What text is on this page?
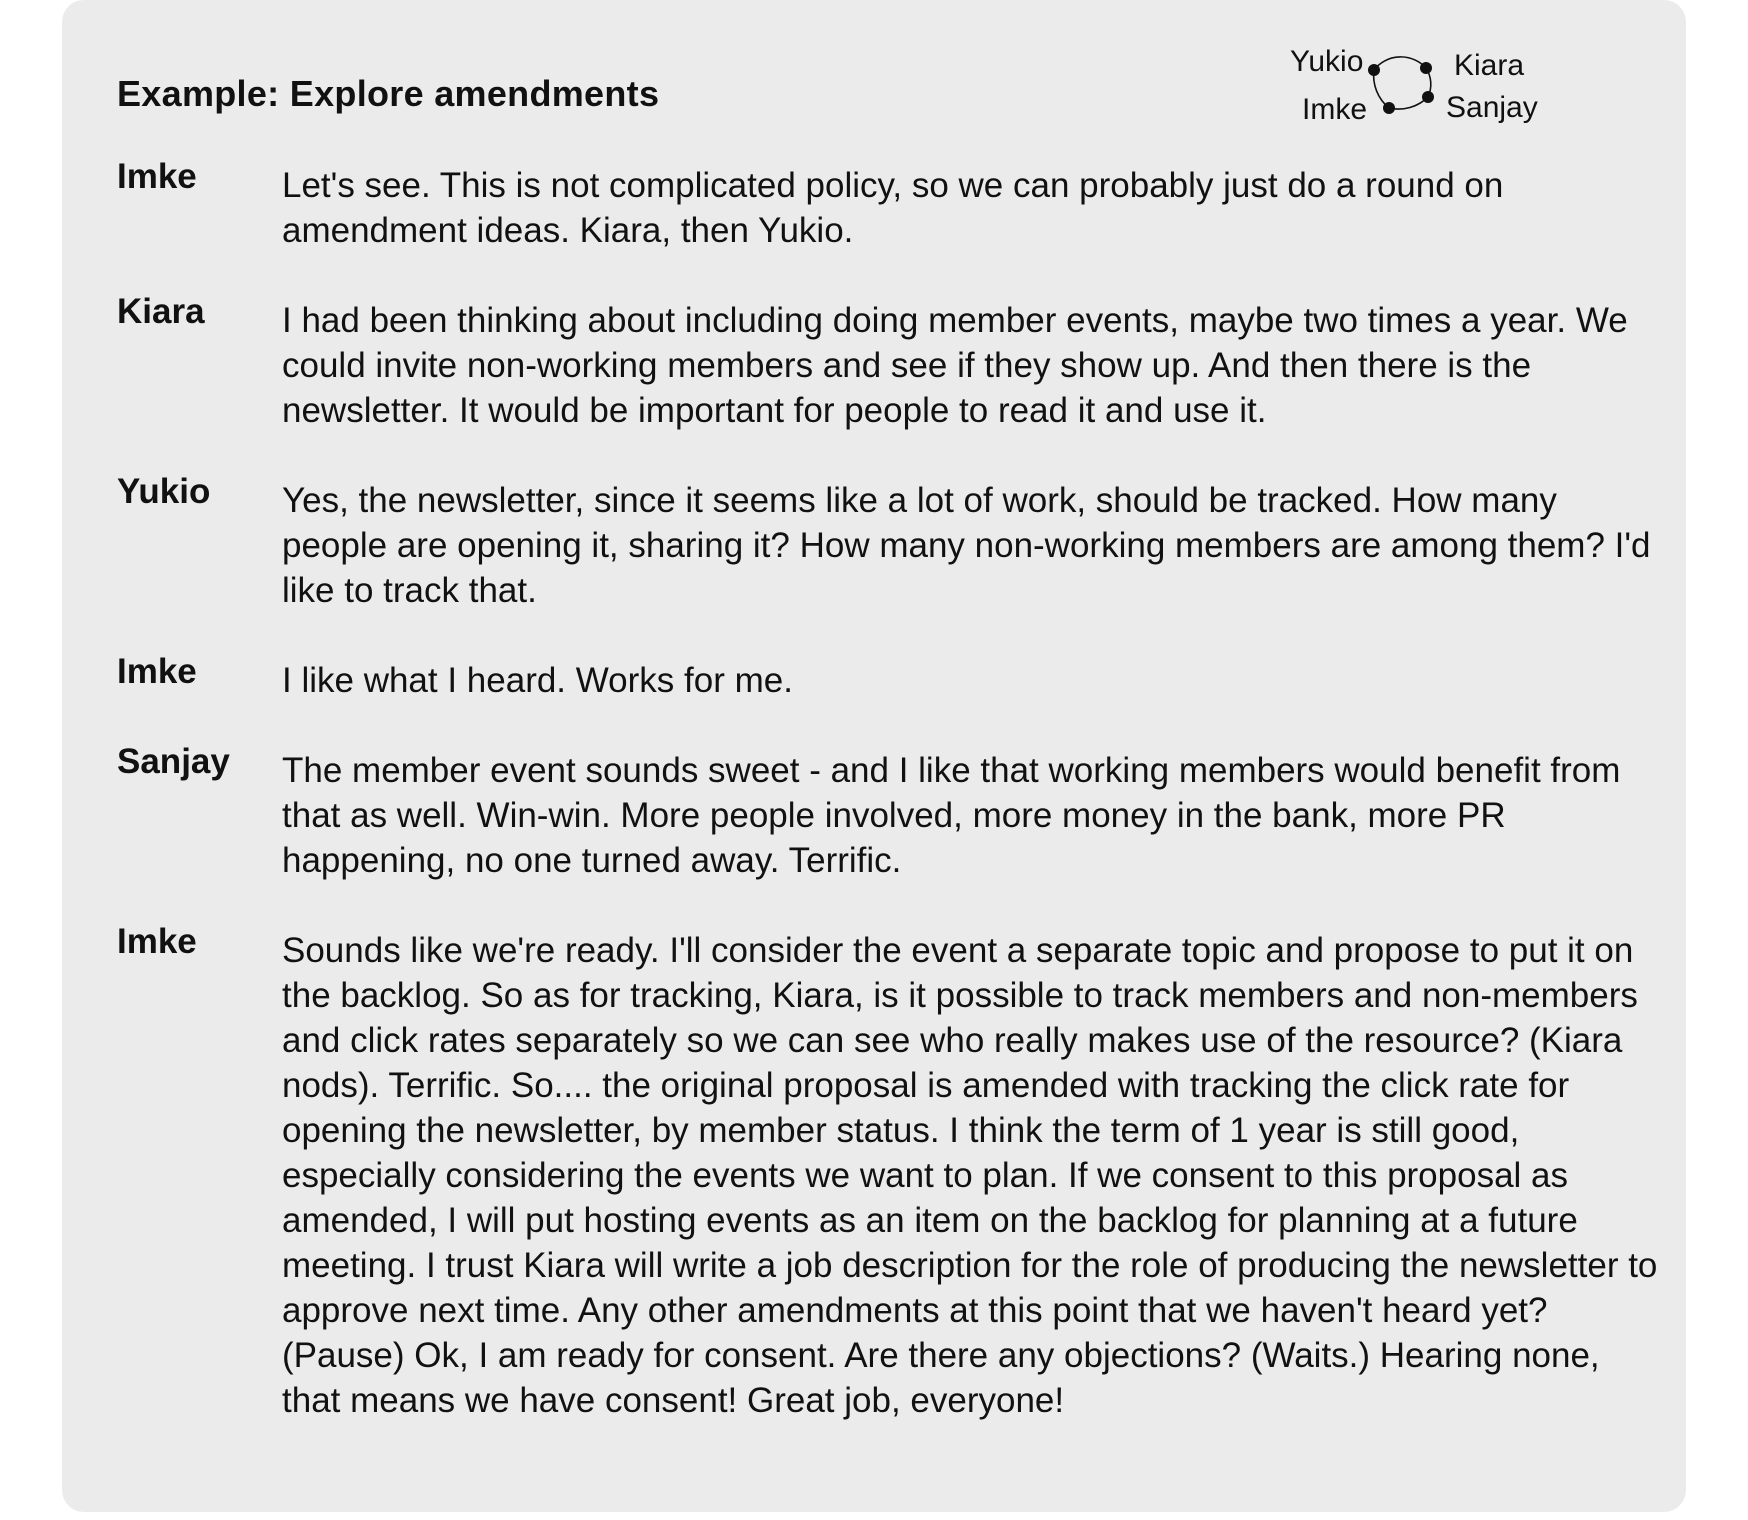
Example: Explore amendments
Yukio	Kiara
Imke	Sanjay
Imke Let's see. This is not complicated policy, so we can probably just do a round on amendment ideas. Kiara, then Yukio.

Kiara I had been thinking about including doing member events, maybe two times a year. We could invite non-working members and see if they show up. And then there is the newsletter. It would be important for people to read it and use it.

Yukio Yes, the newsletter, since it seems like a lot of work, should be tracked. How many people are opening it, sharing it? How many non-working members are among them? I'd like to track that.

Imke I like what I heard. Works for me.

Sanjay The member event sounds sweet - and I like that working members would benefit from that as well. Win-win. More people involved, more money in the bank, more PR happening, no one turned away. Terrific.

Imke Sounds like we're ready. I'll consider the event a separate topic and propose to put it on the backlog. So as for tracking, Kiara, is it possible to track members and non-members and click rates separately so we can see who really makes use of the resource? (Kiara nods). Terrific. So.... the original proposal is amended with tracking the click rate for opening the newsletter, by member status. I think the term of 1 year is still good, especially considering the events we want to plan. If we consent to this proposal as amended, I will put hosting events as an item on the backlog for planning at a future meeting. I trust Kiara will write a job description for the role of producing the newsletter to approve next time. Any other amendments at this point that we haven't heard yet? (Pause) Ok, I am ready for consent. Are there any objections? (Waits.) Hearing none, that means we have consent! Great job, everyone!
